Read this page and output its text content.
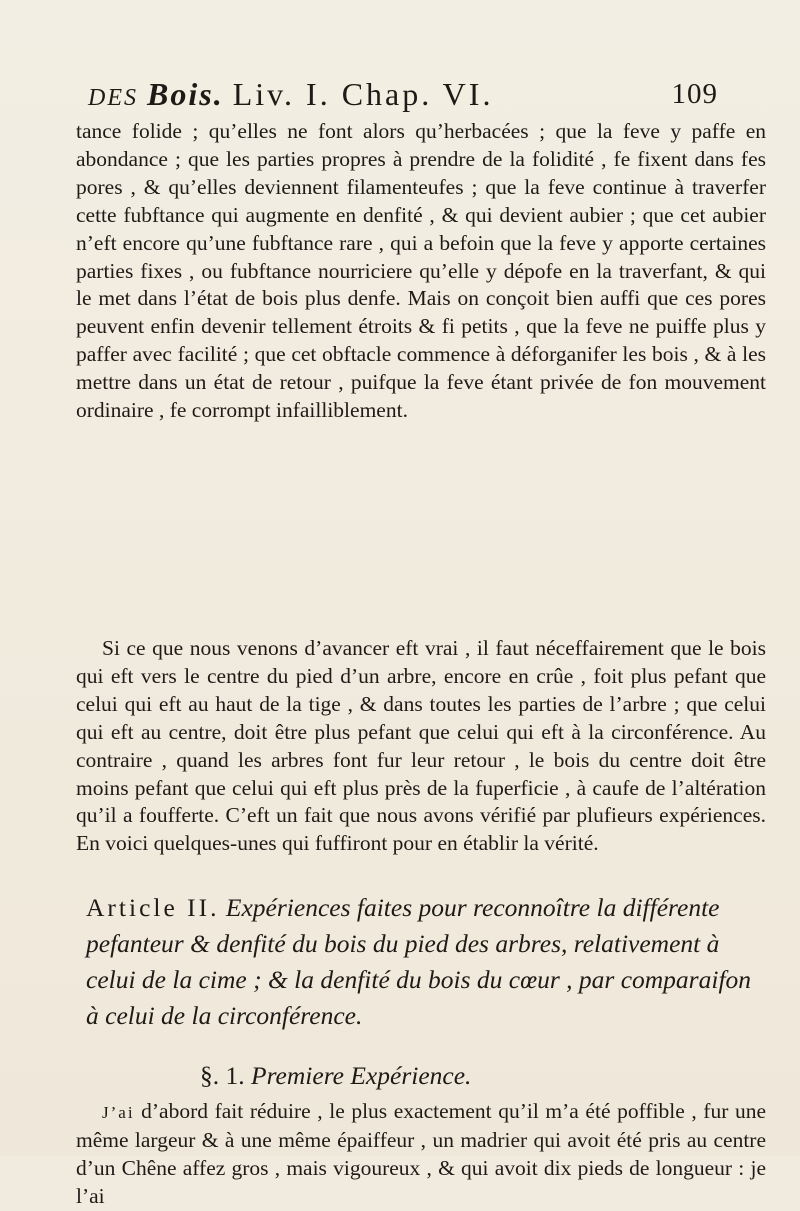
DES Bois. Liv. I. Chap. VI.	109

tance folide ; qu’elles ne font alors qu’herbacées ; que la feve y paffe en abondance ; que les parties propres à prendre de la folidité , fe fixent dans fes pores , & qu’elles deviennent filamenteufes ; que la feve continue à traverfer cette fubftance qui augmente en denfité , & qui devient aubier ; que cet aubier n’eft encore qu’une fubftance rare , qui a befoin que la feve y apporte certaines parties fixes , ou fubftance nourriciere qu’elle y dépofe en la traverfant, & qui le met dans l’état de bois plus denfe. Mais on conçoit bien auffi que ces pores peuvent enfin devenir tellement étroits & fi petits , que la feve ne puiffe plus y paffer avec facilité ; que cet obftacle commence à déforganifer les bois , & à les mettre dans un état de retour , puifque la feve étant privée de fon mouvement ordinaire , fe corrompt infailliblement.

Si ce que nous venons d’avancer eft vrai , il faut néceffairement que le bois qui eft vers le centre du pied d’un arbre, encore en crûe , foit plus pefant que celui qui eft au haut de la tige , & dans toutes les parties de l’arbre ; que celui qui eft au centre, doit être plus pefant que celui qui eft à la circonférence. Au contraire , quand les arbres font fur leur retour , le bois du centre doit être moins pefant que celui qui eft plus près de la fuperficie , à caufe de l’altération qu’il a foufferte. C’eft un fait que nous avons vérifié par plufieurs expériences. En voici quelques-unes qui fuffiront pour en établir la vérité.

Article II. Expériences faites pour reconnoître la différente pefanteur & denfité du bois du pied des arbres, relativement à celui de la cime ; & la denfité du bois du cœur , par comparaifon à celui de la circonférence.
§. 1. Premiere Expérience.

J’ai d’abord fait réduire , le plus exactement qu’il m’a été poffible , fur une même largeur & à une même épaiffeur , un madrier qui avoit été pris au centre d’un Chêne affez gros , mais vigoureux , & qui avoit dix pieds de longueur : je l’ai
